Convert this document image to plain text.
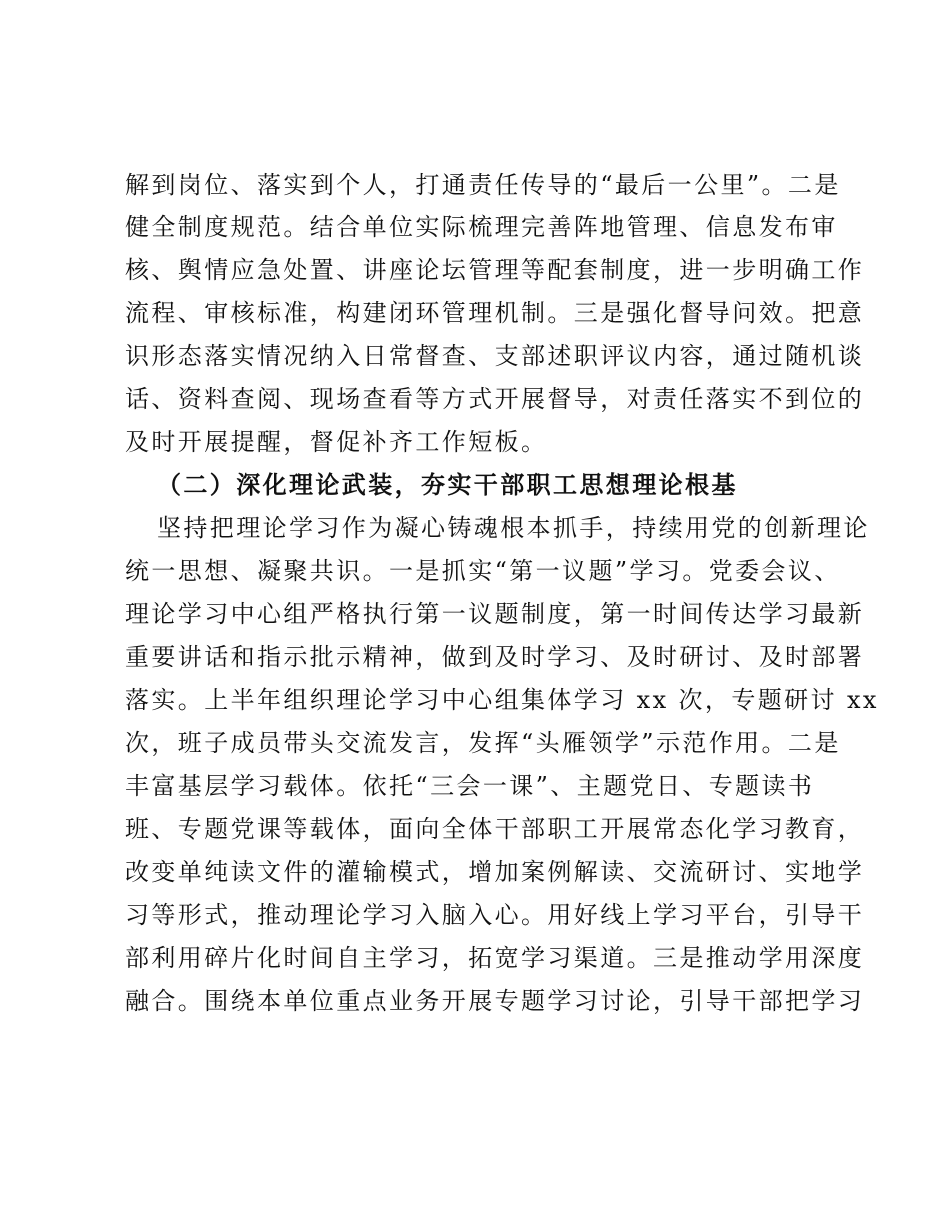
解到岗位、落实到个人，打通责任传导的“最后一公里”。二是
健全制度规范。结合单位实际梳理完善阵地管理、信息发布审
核、舆情应急处置、讲座论坛管理等配套制度，进一步明确工作
流程、审核标准，构建闭环管理机制。三是强化督导问效。把意
识形态落实情况纳入日常督查、支部述职评议内容，通过随机谈
话、资料查阅、现场查看等方式开展督导，对责任落实不到位的
及时开展提醒，督促补齐工作短板。
（二）深化理论武装，夯实干部职工思想理论根基
坚持把理论学习作为凝心铸魂根本抓手，持续用党的创新理论
统一思想、凝聚共识。一是抓实“第一议题”学习。党委会议、
理论学习中心组严格执行第一议题制度，第一时间传达学习最新
重要讲话和指示批示精神，做到及时学习、及时研讨、及时部署
落实。上半年组织理论学习中心组集体学习 xx 次，专题研讨 xx
次，班子成员带头交流发言，发挥“头雁领学”示范作用。二是
丰富基层学习载体。依托“三会一课”、主题党日、专题读书
班、专题党课等载体，面向全体干部职工开展常态化学习教育，
改变单纯读文件的灌输模式，增加案例解读、交流研讨、实地学
习等形式，推动理论学习入脑入心。用好线上学习平台，引导干
部利用碎片化时间自主学习，拓宽学习渠道。三是推动学用深度
融合。围绕本单位重点业务开展专题学习讨论，引导干部把学习
